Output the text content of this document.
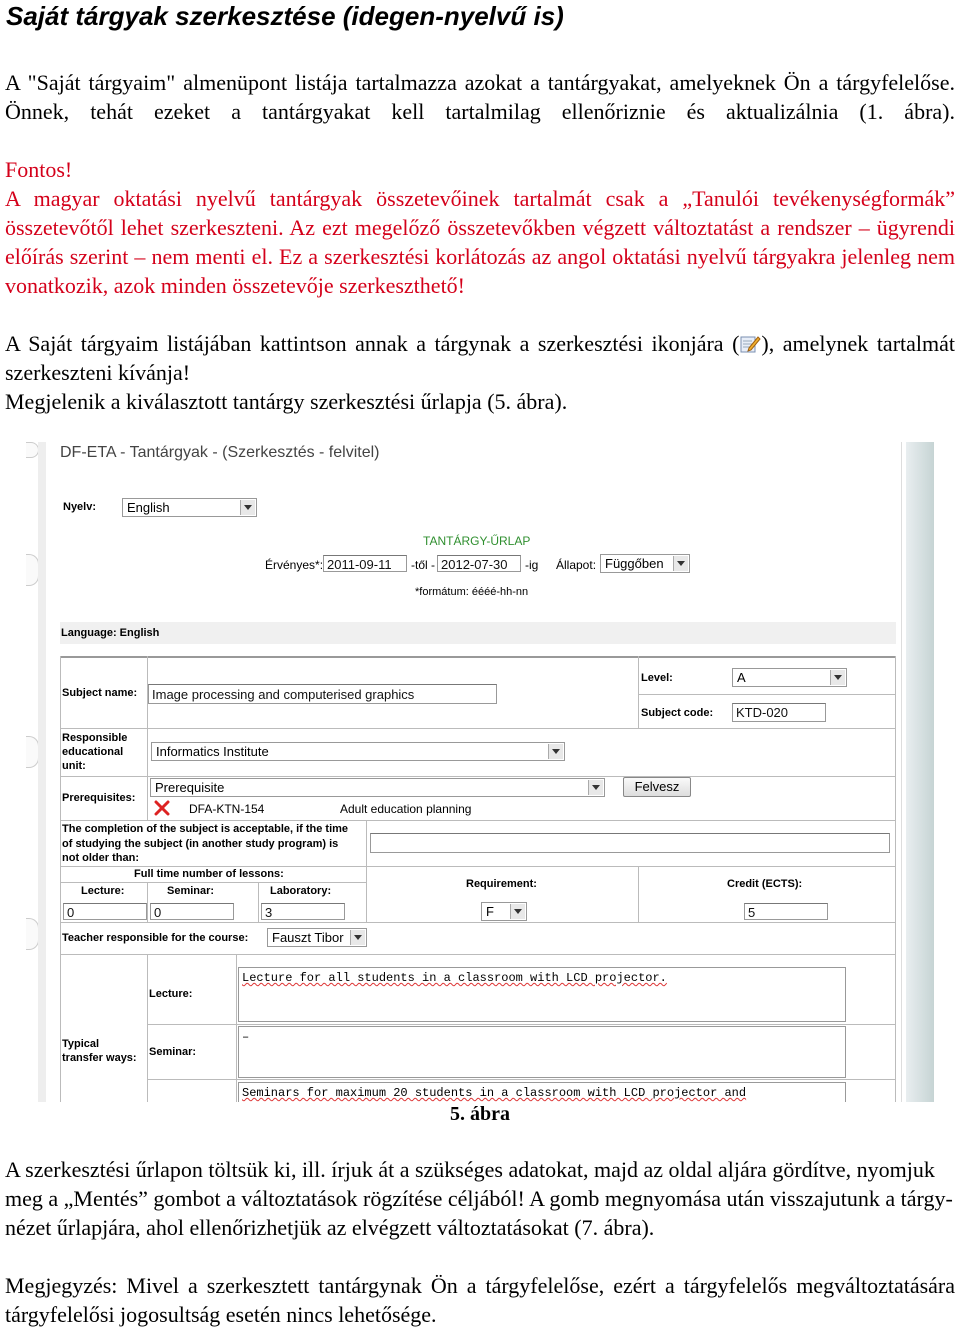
Saját tárgyak szerkesztése (idegen-nyelvű is)

A "Saját tárgyaim" almenüpont listája tartalmazza azokat a tantárgyakat, amelyeknek Ön a tárgyfelelőse. Önnek, tehát ezeket a tantárgyakat kell tartalmilag ellenőriznie és aktualizálnia (1. ábra).

Fontos!

A magyar oktatási nyelvű tantárgyak összetevőinek tartalmát csak a „Tanulói tevékenységformák” összetevőtől lehet szerkeszteni. Az ezt megelőző összetevőkben végzett változtatást a rendszer – ügyrendi előírás szerint – nem menti el. Ez a szerkesztési korlátozás az angol oktatási nyelvű tárgyakra jelenleg nem vonatkozik, azok minden összetevője szerkeszthető!

A Saját tárgyaim listájában kattintson annak a tárgynak a szerkesztési ikonjára ( ), amelynek tartalmát szerkeszteni kívánja!

Megjelenik a kiválasztott tantárgy szerkesztési űrlapja (5. ábra).

DF-ETA - Tantárgyak - (Szerkesztés - felvitel)
Nyelv:	English
TANTÁRGY-ŰRLAP
Érvényes*: 2011-09-11	-től - 2012-07-30	-ig Állapot: Függőben
*formátum: éééé-hh-nn
Language: English
Subject name:	Image processing and computerised graphics
Level:	A
Subject code:	KTD-020
Responsible
educational
unit:
Informatics Institute
Prerequisites:
Prerequisite	Felvesz
DFA-KTN-154	Adult education planning
The completion of the subject is acceptable, if the time
of studying the subject (in another study program) is
not older than:
Full time number of lessons:
Lecture:	Seminar:	Laboratory:
0	0	3
Requirement:
F
Credit (ECTS):
5
Teacher responsible for the course:	Fauszt Tibor
Typical
transfer ways:
Lecture:
Lecture for all students in a classroom with LCD projector.
Seminar:
–
Seminars for maximum 20 students in a classroom with LCD projector and
5. ábra

A szerkesztési űrlapon töltsük ki, ill. írjuk át a szükséges adatokat, majd az oldal aljára gördítve, nyomjuk meg a „Mentés” gombot a változtatások rögzítése céljából! A gomb megnyomása után visszajutunk a tárgy-nézet űrlapjára, ahol ellenőrizhetjük az elvégzett változtatásokat (7. ábra).

Megjegyzés: Mivel a szerkesztett tantárgynak Ön a tárgyfelelőse, ezért a tárgyfelelős megváltoztatására tárgyfelelősi jogosultság esetén nincs lehetősége.
